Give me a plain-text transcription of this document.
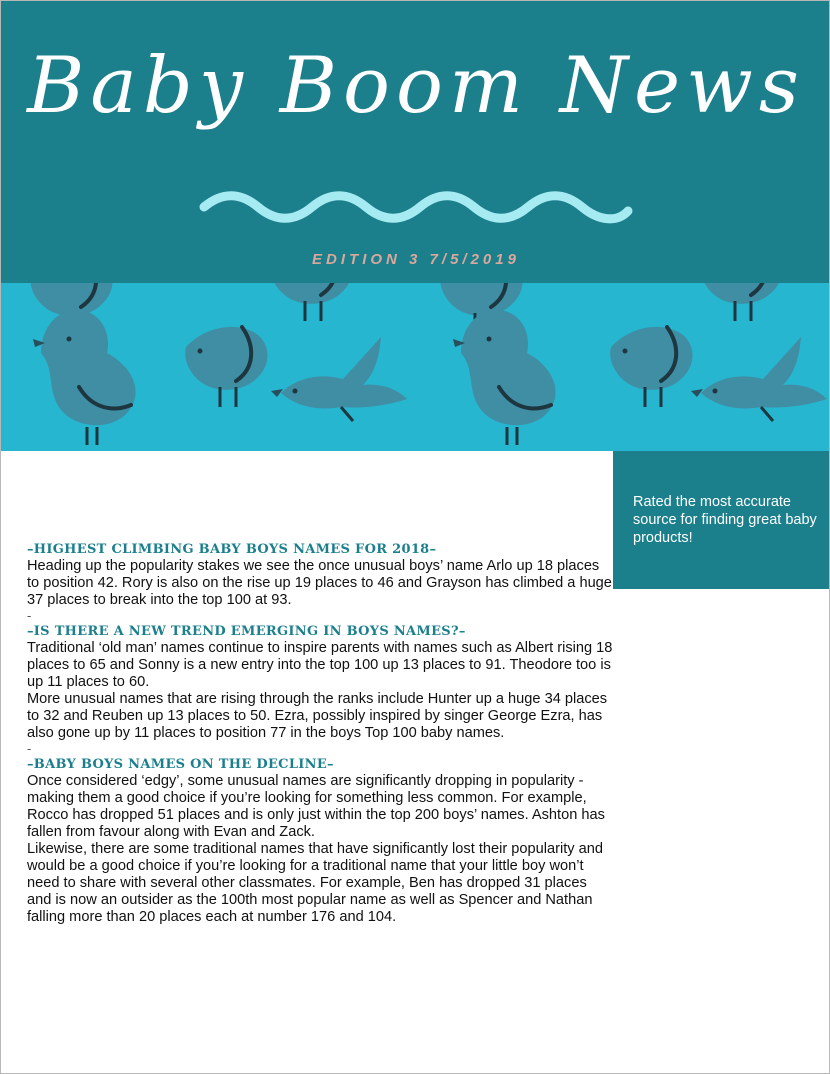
Baby Boom News
EDITION 3 7/5/2019

Rated the most accurate source for finding great baby products!

–HIGHEST CLIMBING BABY BOYS NAMES FOR 2018–

Heading up the popularity stakes we see the once unusual boys’ name Arlo up 18 places to position 42. Rory is also on the rise up 19 places to 46 and Grayson has climbed a huge 37 places to break into the top 100 at 93.

-

–IS THERE A NEW TREND EMERGING IN BOYS NAMES?–

Traditional ‘old man’ names continue to inspire parents with names such as Albert rising 18 places to 65 and Sonny is a new entry into the top 100 up 13 places to 91. Theodore too is up 11 places to 60.

More unusual names that are rising through the ranks include Hunter up a huge 34 places to 32 and Reuben up 13 places to 50. Ezra, possibly inspired by singer George Ezra, has also gone up by 11 places to position 77 in the boys Top 100 baby names.

-

–BABY BOYS NAMES ON THE DECLINE–

Once considered ‘edgy’, some unusual names are significantly dropping in popularity - making them a good choice if you’re looking for something less common. For example, Rocco has dropped 51 places and is only just within the top 200 boys’ names. Ashton has fallen from favour along with Evan and Zack.

Likewise, there are some traditional names that have significantly lost their popularity and would be a good choice if you’re looking for a traditional name that your little boy won’t need to share with several other classmates. For example, Ben has dropped 31 places and is now an outsider as the 100th most popular name as well as Spencer and Nathan falling more than 20 places each at number 176 and 104.
